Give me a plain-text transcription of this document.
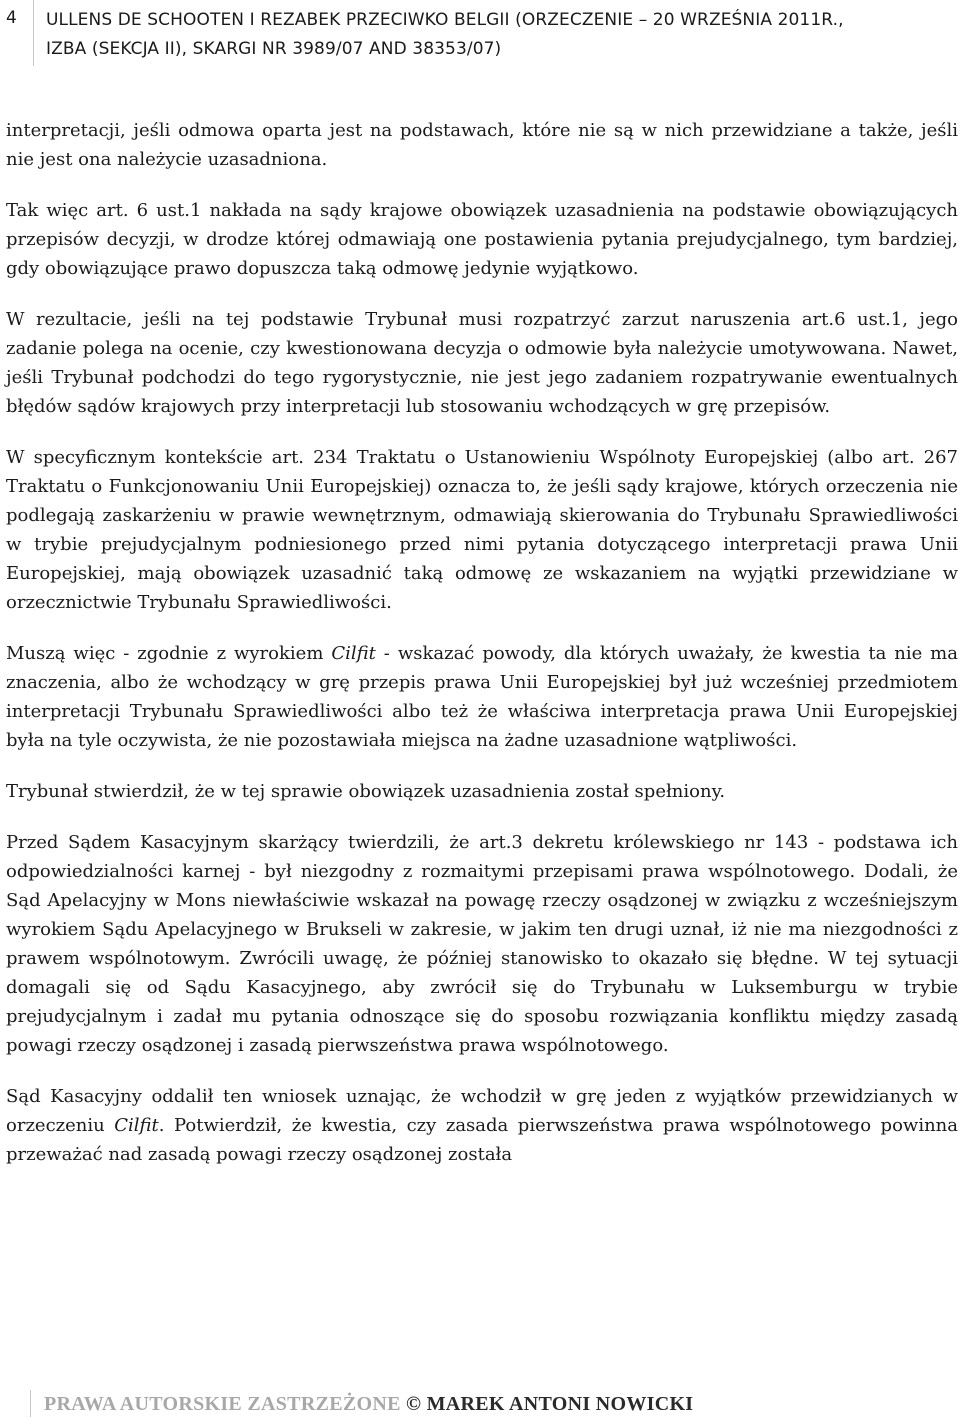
4 ULLENS DE SCHOOTEN I REZABEK PRZECIWKO BELGII (ORZECZENIE – 20 WRZEŚNIA 2011R.,
IZBA (SEKCJA II), SKARGI NR 3989/07 AND 38353/07)

interpretacji, jeśli odmowa oparta jest na podstawach, które nie są w nich przewidziane a także, jeśli nie jest ona należycie uzasadniona.

Tak więc art. 6 ust.1 nakłada na sądy krajowe obowiązek uzasadnienia na podstawie obowiązujących przepisów decyzji, w drodze której odmawiają one postawienia pytania prejudycjalnego, tym bardziej, gdy obowiązujące prawo dopuszcza taką odmowę jedynie wyjątkowo.

W rezultacie, jeśli na tej podstawie Trybunał musi rozpatrzyć zarzut naruszenia art.6 ust.1, jego zadanie polega na ocenie, czy kwestionowana decyzja o odmowie była należycie umotywowana. Nawet, jeśli Trybunał podchodzi do tego rygorystycznie, nie jest jego zadaniem rozpatrywanie ewentualnych błędów sądów krajowych przy interpretacji lub stosowaniu wchodzących w grę przepisów.

W specyficznym kontekście art. 234 Traktatu o Ustanowieniu Wspólnoty Europejskiej (albo art. 267 Traktatu o Funkcjonowaniu Unii Europejskiej) oznacza to, że jeśli sądy krajowe, których orzeczenia nie podlegają zaskarżeniu w prawie wewnętrznym, odmawiają skierowania do Trybunału Sprawiedliwości w trybie prejudycjalnym podniesionego przed nimi pytania dotyczącego interpretacji prawa Unii Europejskiej, mają obowiązek uzasadnić taką odmowę ze wskazaniem na wyjątki przewidziane w orzecznictwie Trybunału Sprawiedliwości.

Muszą więc - zgodnie z wyrokiem Cilfit - wskazać powody, dla których uważały, że kwestia ta nie ma znaczenia, albo że wchodzący w grę przepis prawa Unii Europejskiej był już wcześniej przedmiotem interpretacji Trybunału Sprawiedliwości albo też że właściwa interpretacja prawa Unii Europejskiej była na tyle oczywista, że nie pozostawiała miejsca na żadne uzasadnione wątpliwości.

Trybunał stwierdził, że w tej sprawie obowiązek uzasadnienia został spełniony.

Przed Sądem Kasacyjnym skarżący twierdzili, że art.3 dekretu królewskiego nr 143 - podstawa ich odpowiedzialności karnej - był niezgodny z rozmaitymi przepisami prawa wspólnotowego. Dodali, że Sąd Apelacyjny w Mons niewłaściwie wskazał na powagę rzeczy osądzonej w związku z wcześniejszym wyrokiem Sądu Apelacyjnego w Brukseli w zakresie, w jakim ten drugi uznał, iż nie ma niezgodności z prawem wspólnotowym. Zwrócili uwagę, że później stanowisko to okazało się błędne. W tej sytuacji domagali się od Sądu Kasacyjnego, aby zwrócił się do Trybunału w Luksemburgu w trybie prejudycjalnym i zadał mu pytania odnoszące się do sposobu rozwiązania konfliktu między zasadą powagi rzeczy osądzonej i zasadą pierwszeństwa prawa wspólnotowego.

Sąd Kasacyjny oddalił ten wniosek uznając, że wchodził w grę jeden z wyjątków przewidzianych w orzeczeniu Cilfit. Potwierdził, że kwestia, czy zasada pierwszeństwa prawa wspólnotowego powinna przeważać nad zasadą powagi rzeczy osądzonej została

PRAWA AUTORSKIE ZASTRZEŻONE © MAREK ANTONI NOWICKI
